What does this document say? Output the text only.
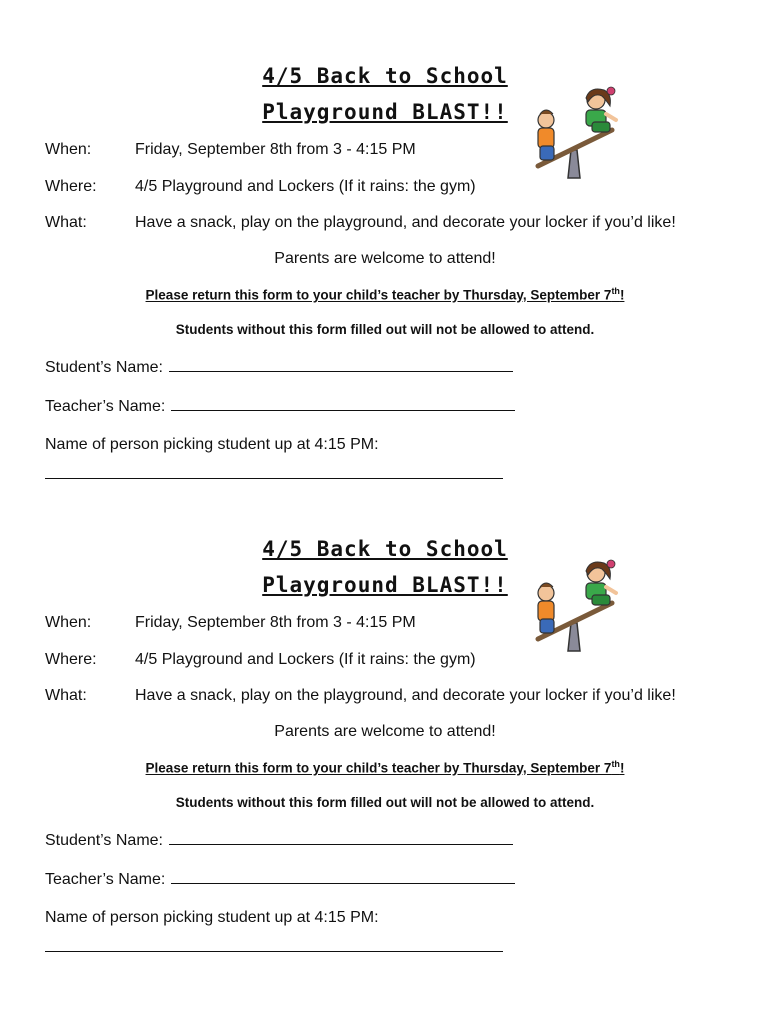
4/5 Back to School
Playground BLAST!!
When:	Friday, September 8th from 3 - 4:15 PM
Where: 4/5 Playground and Lockers (If it rains: the gym)
What:	Have a snack, play on the playground, and decorate your locker if you’d like!
Parents are welcome to attend!
Please return this form to your child’s teacher by Thursday, September 7th!
Students without this form filled out will not be allowed to attend.
Student’s Name:
Teacher’s Name:
Name of person picking student up at 4:15 PM:
4/5 Back to School
Playground BLAST!!
When:	Friday, September 8th from 3 - 4:15 PM
Where: 4/5 Playground and Lockers (If it rains: the gym)
What:	Have a snack, play on the playground, and decorate your locker if you’d like!
Parents are welcome to attend!
Please return this form to your child’s teacher by Thursday, September 7th!
Students without this form filled out will not be allowed to attend.
Student’s Name:
Teacher’s Name:
Name of person picking student up at 4:15 PM:
